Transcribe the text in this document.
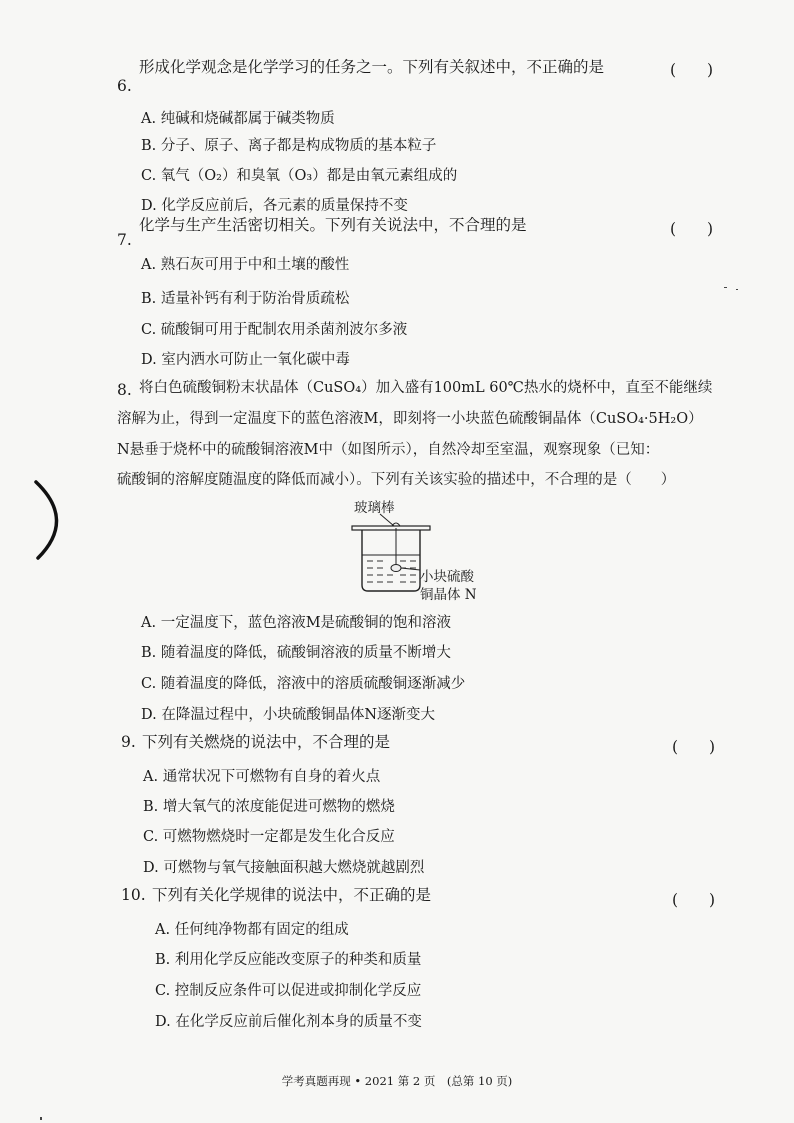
6.
形成化学观念是化学学习的任务之一。下列有关叙述中，不正确的是	(　　)
A. 纯碱和烧碱都属于碱类物质
B. 分子、原子、离子都是构成物质的基本粒子
C. 氧气（O₂）和臭氧（O₃）都是由氧元素组成的
D. 化学反应前后，各元素的质量保持不变
7.
化学与生产生活密切相关。下列有关说法中，不合理的是	(　　)
A. 熟石灰可用于中和土壤的酸性
B. 适量补钙有利于防治骨质疏松
C. 硫酸铜可用于配制农用杀菌剂波尔多液
D. 室内洒水可防止一氧化碳中毒
8. 将白色硫酸铜粉末状晶体（CuSO₄）加入盛有100mL 60℃热水的烧杯中，直至不能继续
溶解为止，得到一定温度下的蓝色溶液M，即刻将一小块蓝色硫酸铜晶体（CuSO₄·5H₂O）
N悬垂于烧杯中的硫酸铜溶液M中（如图所示），自然冷却至室温，观察现象（已知：
硫酸铜的溶解度随温度的降低而减小）。下列有关该实验的描述中，不合理的是（　　）
玻璃棒
小块硫酸
铜晶体 N
A. 一定温度下，蓝色溶液M是硫酸铜的饱和溶液
B. 随着温度的降低，硫酸铜溶液的质量不断增大
C. 随着温度的降低，溶液中的溶质硫酸铜逐渐减少
D. 在降温过程中，小块硫酸铜晶体N逐渐变大
9. 下列有关燃烧的说法中，不合理的是	(　　)
A. 通常状况下可燃物有自身的着火点
B. 增大氧气的浓度能促进可燃物的燃烧
C. 可燃物燃烧时一定都是发生化合反应
D. 可燃物与氧气接触面积越大燃烧就越剧烈
10. 下列有关化学规律的说法中，不正确的是	(　　)
A. 任何纯净物都有固定的组成
B. 利用化学反应能改变原子的种类和质量
C. 控制反应条件可以促进或抑制化学反应
D. 在化学反应前后催化剂本身的质量不变
学考真题再现 • 2021 第 2 页　(总第 10 页)
